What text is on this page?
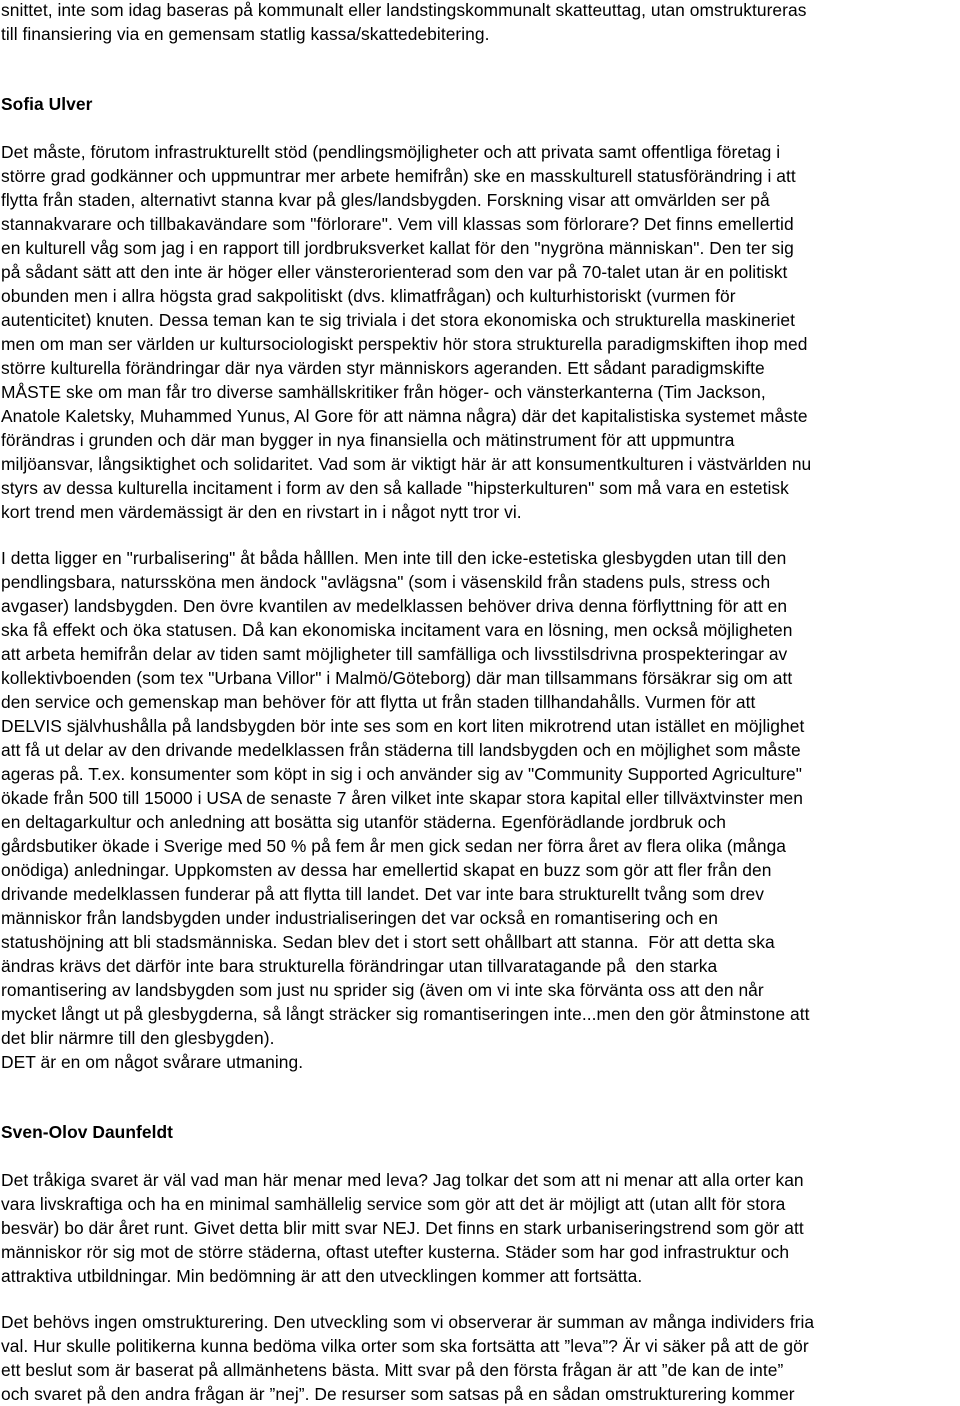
snittet, inte som idag baseras på kommunalt eller landstingskommunalt skatteuttag, utan omstruktureras
till finansiering via en gemensam statlig kassa/skattedebitering.
Sofia Ulver
Det måste, förutom infrastrukturellt stöd (pendlingsmöjligheter och att privata samt offentliga företag i
större grad godkänner och uppmuntrar mer arbete hemifrån) ske en masskulturell statusförändring i att
flytta från staden, alternativt stanna kvar på gles/landsbygden. Forskning visar att omvärlden ser på
stannakvarare och tillbakavändare som "förlorare". Vem vill klassas som förlorare? Det finns emellertid
en kulturell våg som jag i en rapport till jordbruksverket kallat för den "nygröna människan". Den ter sig
på sådant sätt att den inte är höger eller vänsterorienterad som den var på 70-talet utan är en politiskt
obunden men i allra högsta grad sakpolitiskt (dvs. klimatfrågan) och kulturhistoriskt (vurmen för
autenticitet) knuten. Dessa teman kan te sig triviala i det stora ekonomiska och strukturella maskineriet
men om man ser världen ur kultursociologiskt perspektiv hör stora strukturella paradigmskiften ihop med
större kulturella förändringar där nya värden styr människors ageranden. Ett sådant paradigmskifte
MÅSTE ske om man får tro diverse samhällskritiker från höger- och vänsterkanterna (Tim Jackson,
Anatole Kaletsky, Muhammed Yunus, Al Gore för att nämna några) där det kapitalistiska systemet måste
förändras i grunden och där man bygger in nya finansiella och mätinstrument för att uppmuntra
miljöansvar, långsiktighet och solidaritet. Vad som är viktigt här är att konsumentkulturen i västvärlden nu
styrs av dessa kulturella incitament i form av den så kallade "hipsterkulturen" som må vara en estetisk
kort trend men värdemässigt är den en rivstart in i något nytt tror vi.
I detta ligger en "rurbalisering" åt båda hålllen. Men inte till den icke-estetiska glesbygden utan till den
pendlingsbara, naturssköna men ändock "avlägsna" (som i väsenskild från stadens puls, stress och
avgaser) landsbygden. Den övre kvantilen av medelklassen behöver driva denna förflyttning för att en
ska få effekt och öka statusen. Då kan ekonomiska incitament vara en lösning, men också möjligheten
att arbeta hemifrån delar av tiden samt möjligheter till samfälliga och livsstilsdrivna prospekteringar av
kollektivboenden (som tex "Urbana Villor" i Malmö/Göteborg) där man tillsammans försäkrar sig om att
den service och gemenskap man behöver för att flytta ut från staden tillhandahålls. Vurmen för att
DELVIS självhushålla på landsbygden bör inte ses som en kort liten mikrotrend utan istället en möjlighet
att få ut delar av den drivande medelklassen från städerna till landsbygden och en möjlighet som måste
ageras på. T.ex. konsumenter som köpt in sig i och använder sig av "Community Supported Agriculture"
ökade från 500 till 15000 i USA de senaste 7 åren vilket inte skapar stora kapital eller tillväxtvinster men
en deltagarkultur och anledning att bosätta sig utanför städerna. Egenförädlande jordbruk och
gårdsbutiker ökade i Sverige med 50 % på fem år men gick sedan ner förra året av flera olika (många
onödiga) anledningar. Uppkomsten av dessa har emellertid skapat en buzz som gör att fler från den
drivande medelklassen funderar på att flytta till landet. Det var inte bara strukturellt tvång som drev
människor från landsbygden under industrialiseringen det var också en romantisering och en
statushöjning att bli stadsmänniska. Sedan blev det i stort sett ohållbart att stanna.  För att detta ska
ändras krävs det därför inte bara strukturella förändringar utan tillvaratagande på  den starka
romantisering av landsbygden som just nu sprider sig (även om vi inte ska förvänta oss att den når
mycket långt ut på glesbygderna, så långt sträcker sig romantiseringen inte...men den gör åtminstone att
det blir närmre till den glesbygden).
DET är en om något svårare utmaning.
Sven-Olov Daunfeldt
Det tråkiga svaret är väl vad man här menar med leva? Jag tolkar det som att ni menar att alla orter kan
vara livskraftiga och ha en minimal samhällelig service som gör att det är möjligt att (utan allt för stora
besvär) bo där året runt. Givet detta blir mitt svar NEJ. Det finns en stark urbaniseringstrend som gör att
människor rör sig mot de större städerna, oftast utefter kusterna. Städer som har god infrastruktur och
attraktiva utbildningar. Min bedömning är att den utvecklingen kommer att fortsätta.
Det behövs ingen omstrukturering. Den utveckling som vi observerar är summan av många individers fria
val. Hur skulle politikerna kunna bedöma vilka orter som ska fortsätta att ”leva”? Är vi säker på att de gör
ett beslut som är baserat på allmänhetens bästa. Mitt svar på den första frågan är att ”de kan de inte”
och svaret på den andra frågan är ”nej”. De resurser som satsas på en sådan omstrukturering kommer
